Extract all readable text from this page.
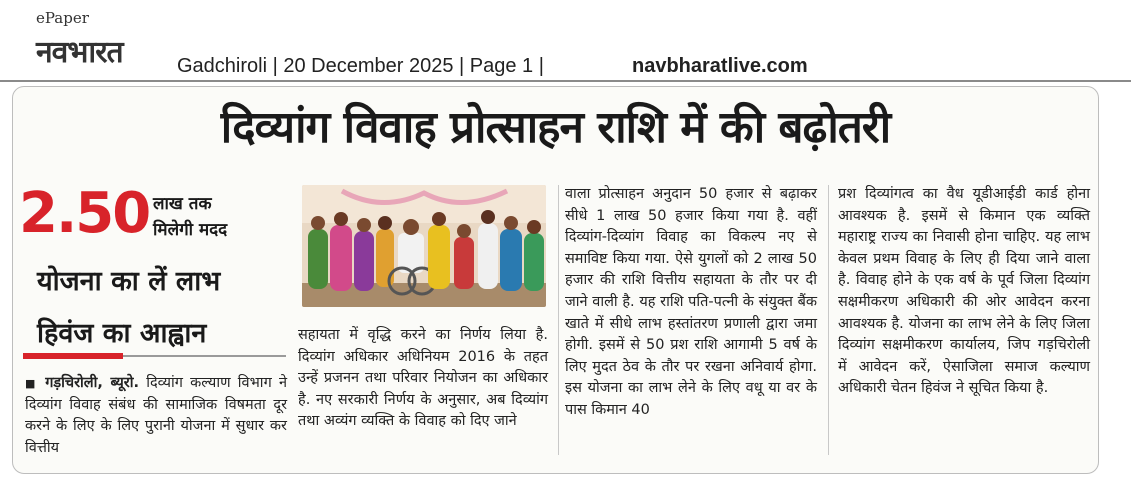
ePaper
नवभारत	Gadchiroli | 20 December 2025 | Page 1 |	navbharatlive.com
दिव्यांग विवाह प्रोत्साहन राशि में की बढ़ोतरी
2.50 लाख तक
मिलेगी मदद
योजना का लें लाभ
हिवंज का आह्वान

■ गड़चिरोली, ब्यूरो. दिव्यांग कल्याण विभाग ने दिव्यांग विवाह संबंध की सामाजिक विषमता दूर करने के लिए के लिए पुरानी योजना में सुधार कर वित्तीय

सहायता में वृद्धि करने का निर्णय लिया है. दिव्यांग अधिकार अधिनियम 2016 के तहत उन्हें प्रजनन तथा परिवार नियोजन का अधिकार है. नए सरकारी निर्णय के अनुसार, अब दिव्यांग तथा अव्यंग व्यक्ति के विवाह को दिए जाने

वाला प्रोत्साहन अनुदान 50 हजार से बढ़ाकर सीधे 1 लाख 50 हजार किया गया है. वहीं दिव्यांग-दिव्यांग विवाह का विकल्प नए से समाविष्ट किया गया. ऐसे युगलों को 2 लाख 50 हजार की राशि वित्तीय सहायता के तौर पर दी जाने वाली है. यह राशि पति-पत्नी के संयुक्त बैंक खाते में सीधे लाभ हस्तांतरण प्रणाली द्वारा जमा होगी. इसमें से 50 प्रश राशि आगामी 5 वर्ष के लिए मुदत ठेव के तौर पर रखना अनिवार्य होगा. इस योजना का लाभ लेने के लिए वधू या वर के पास किमान 40

प्रश दिव्यांगत्व का वैध यूडीआईडी कार्ड होना आवश्यक है. इसमें से किमान एक व्यक्ति महाराष्ट्र राज्य का निवासी होना चाहिए. यह लाभ केवल प्रथम विवाह के लिए ही दिया जाने वाला है. विवाह होने के एक वर्ष के पूर्व जिला दिव्यांग सक्षमीकरण अधिकारी की ओर आवेदन करना आवश्यक है. योजना का लाभ लेने के लिए जिला दिव्यांग सक्षमीकरण कार्यालय, जिप गड़चिरोली में आवेदन करें, ऐसाजिला समाज कल्याण अधिकारी चेतन हिवंज ने सूचित किया है.
